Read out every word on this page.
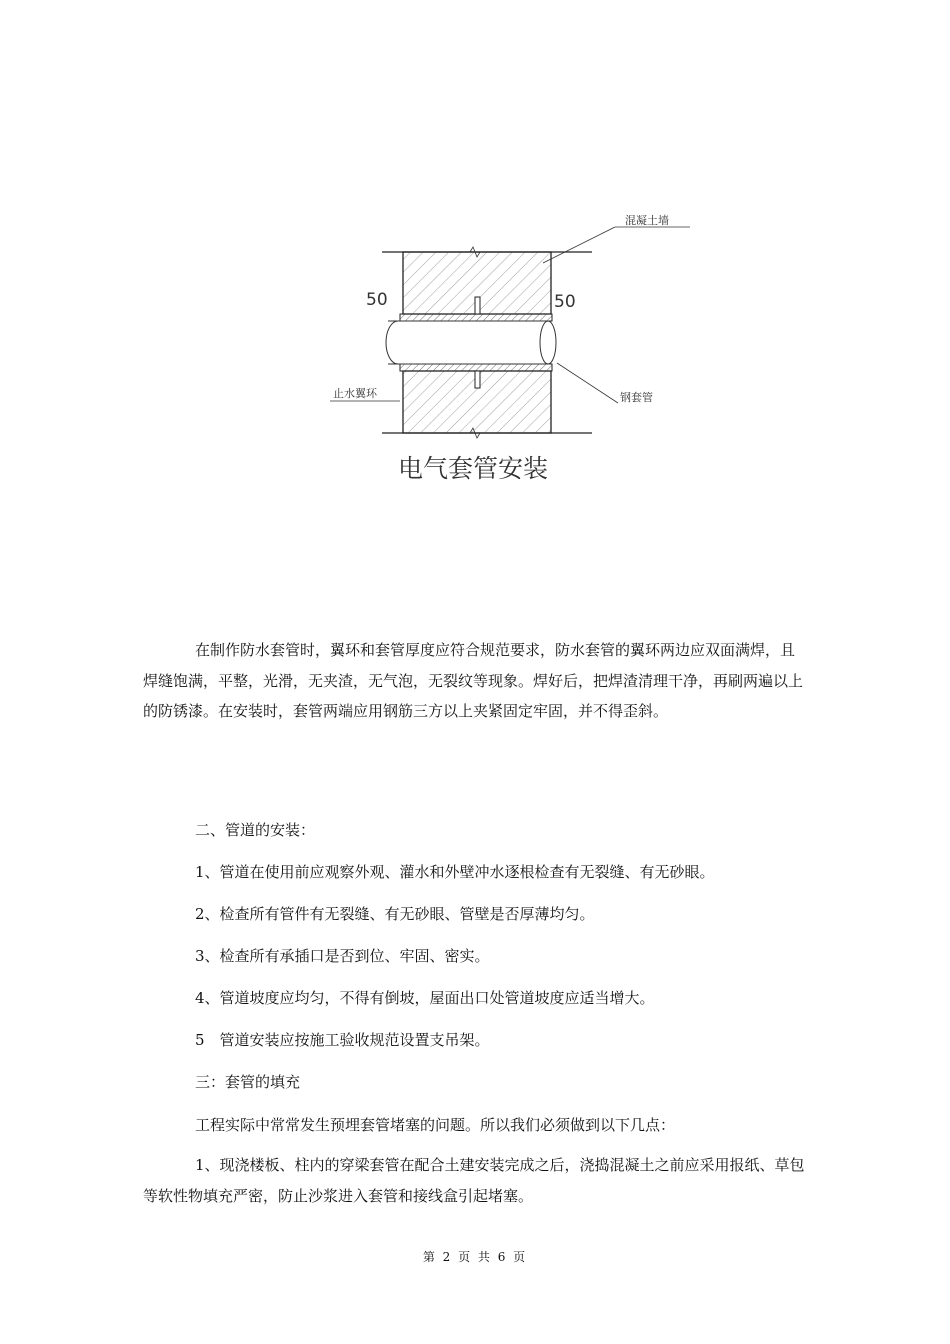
50	50
混凝土墙
止水翼环	钢套管
电气套管安装

在制作防水套管时，翼环和套管厚度应符合规范要求，防水套管的翼环两边应双面满焊，且焊缝饱满，平整，光滑，无夹渣，无气泡，无裂纹等现象。焊好后，把焊渣清理干净，再刷两遍以上的防锈漆。在安装时，套管两端应用钢筋三方以上夹紧固定牢固，并不得歪斜。

二、管道的安装：

1、管道在使用前应观察外观、灌水和外壁冲水逐根检查有无裂缝、有无砂眼。

2、检查所有管件有无裂缝、有无砂眼、管壁是否厚薄均匀。

3、检查所有承插口是否到位、牢固、密实。

4、管道坡度应均匀，不得有倒坡，屋面出口处管道坡度应适当增大。

5　管道安装应按施工验收规范设置支吊架。

三：套管的填充

工程实际中常常发生预埋套管堵塞的问题。所以我们必须做到以下几点：

1、现浇楼板、柱内的穿梁套管在配合土建安装完成之后，浇捣混凝土之前应采用报纸、草包等软性物填充严密，防止沙浆进入套管和接线盒引起堵塞。

第 2 页 共 6 页
